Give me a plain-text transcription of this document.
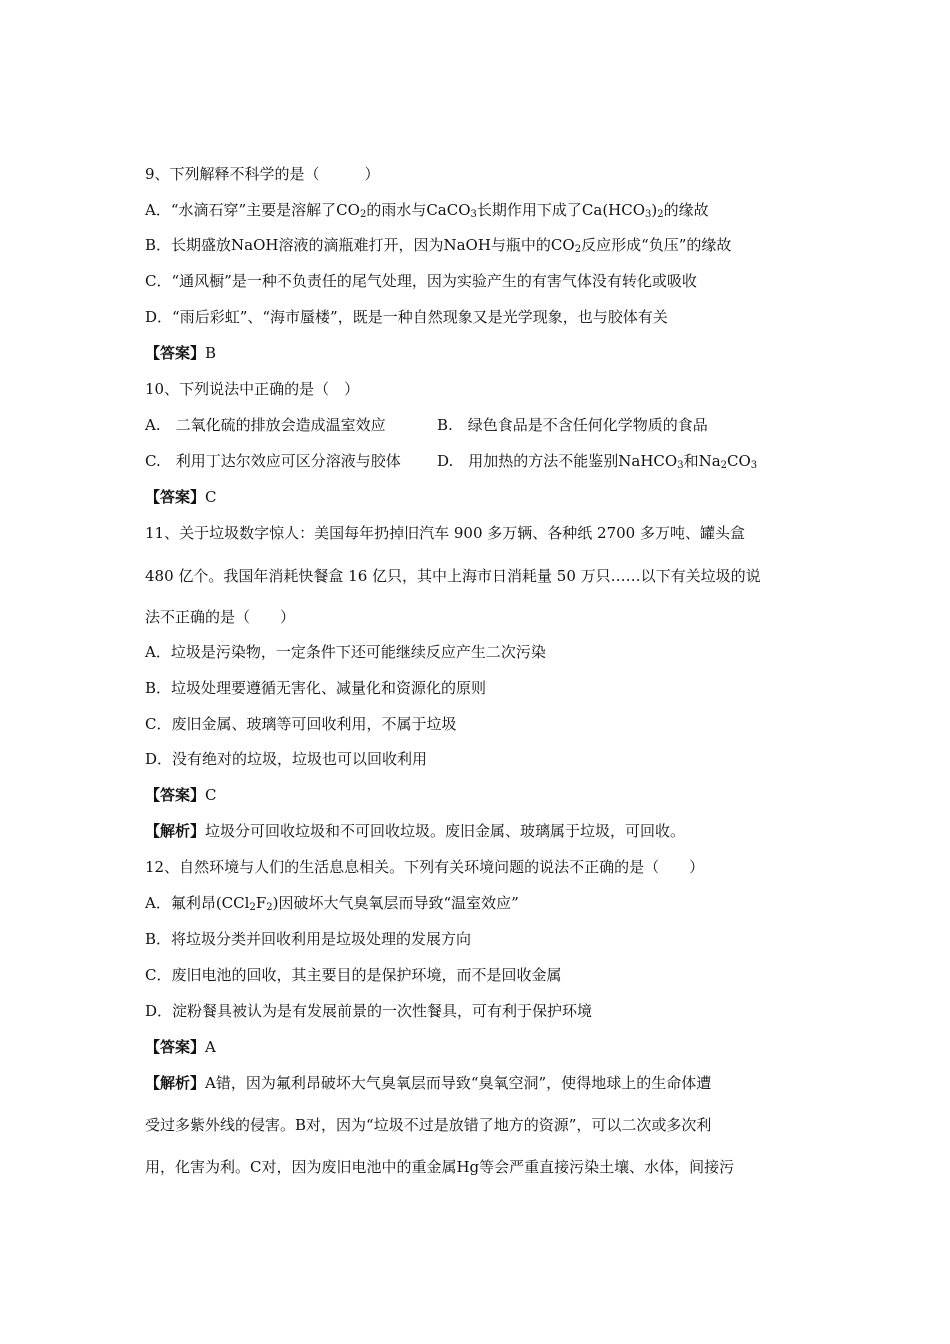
9、下列解释不科学的是（　　　）
A．“水滴石穿”主要是溶解了$CO_2$的雨水与CaCO$_3$长期作用下成了$Ca(HCO_3)_2$的缘故
B．长期盛放NaOH溶液的滴瓶难打开，因为NaOH与瓶中的$CO_2$反应形成“负压”的缘故
C．“通风橱”是一种不负责任的尾气处理，因为实验产生的有害气体没有转化或吸收
D．“雨后彩虹”、“海市蜃楼”，既是一种自然现象又是光学现象，也与胶体有关
【答案】B
10、下列说法中正确的是（　）
A.　二氧化硫的排放会造成温室效应	B.　绿色食品是不含任何化学物质的食品
C.　利用丁达尔效应可区分溶液与胶体 D.　用加热的方法不能鉴别NaHCO$_3$和$Na_2CO_3$
【答案】C
11、关于垃圾数字惊人：美国每年扔掉旧汽车 900 多万辆、各种纸 2700 多万吨、罐头盒
480 亿个。我国年消耗快餐盒 16 亿只，其中上海市日消耗量 50 万只……以下有关垃圾的说
法不正确的是（　　）
A．垃圾是污染物，一定条件下还可能继续反应产生二次污染
B．垃圾处理要遵循无害化、减量化和资源化的原则
C．废旧金属、玻璃等可回收利用，不属于垃圾
D．没有绝对的垃圾，垃圾也可以回收利用
【答案】C
【解析】垃圾分可回收垃圾和不可回收垃圾。废旧金属、玻璃属于垃圾，可回收。
12、自然环境与人们的生活息息相关。下列有关环境问题的说法不正确的是（　　）
A．氟利昂$(CCl_2F_2)$因破坏大气臭氧层而导致“温室效应”
B．将垃圾分类并回收利用是垃圾处理的发展方向
C．废旧电池的回收，其主要目的是保护环境，而不是回收金属
D．淀粉餐具被认为是有发展前景的一次性餐具，可有利于保护环境
【答案】A
【解析】A错，因为氟利昂破坏大气臭氧层而导致“臭氧空洞”，使得地球上的生命体遭
受过多紫外线的侵害。B对，因为“垃圾不过是放错了地方的资源”，可以二次或多次利
用，化害为利。C对，因为废旧电池中的重金属Hg等会严重直接污染土壤、水体，间接污
